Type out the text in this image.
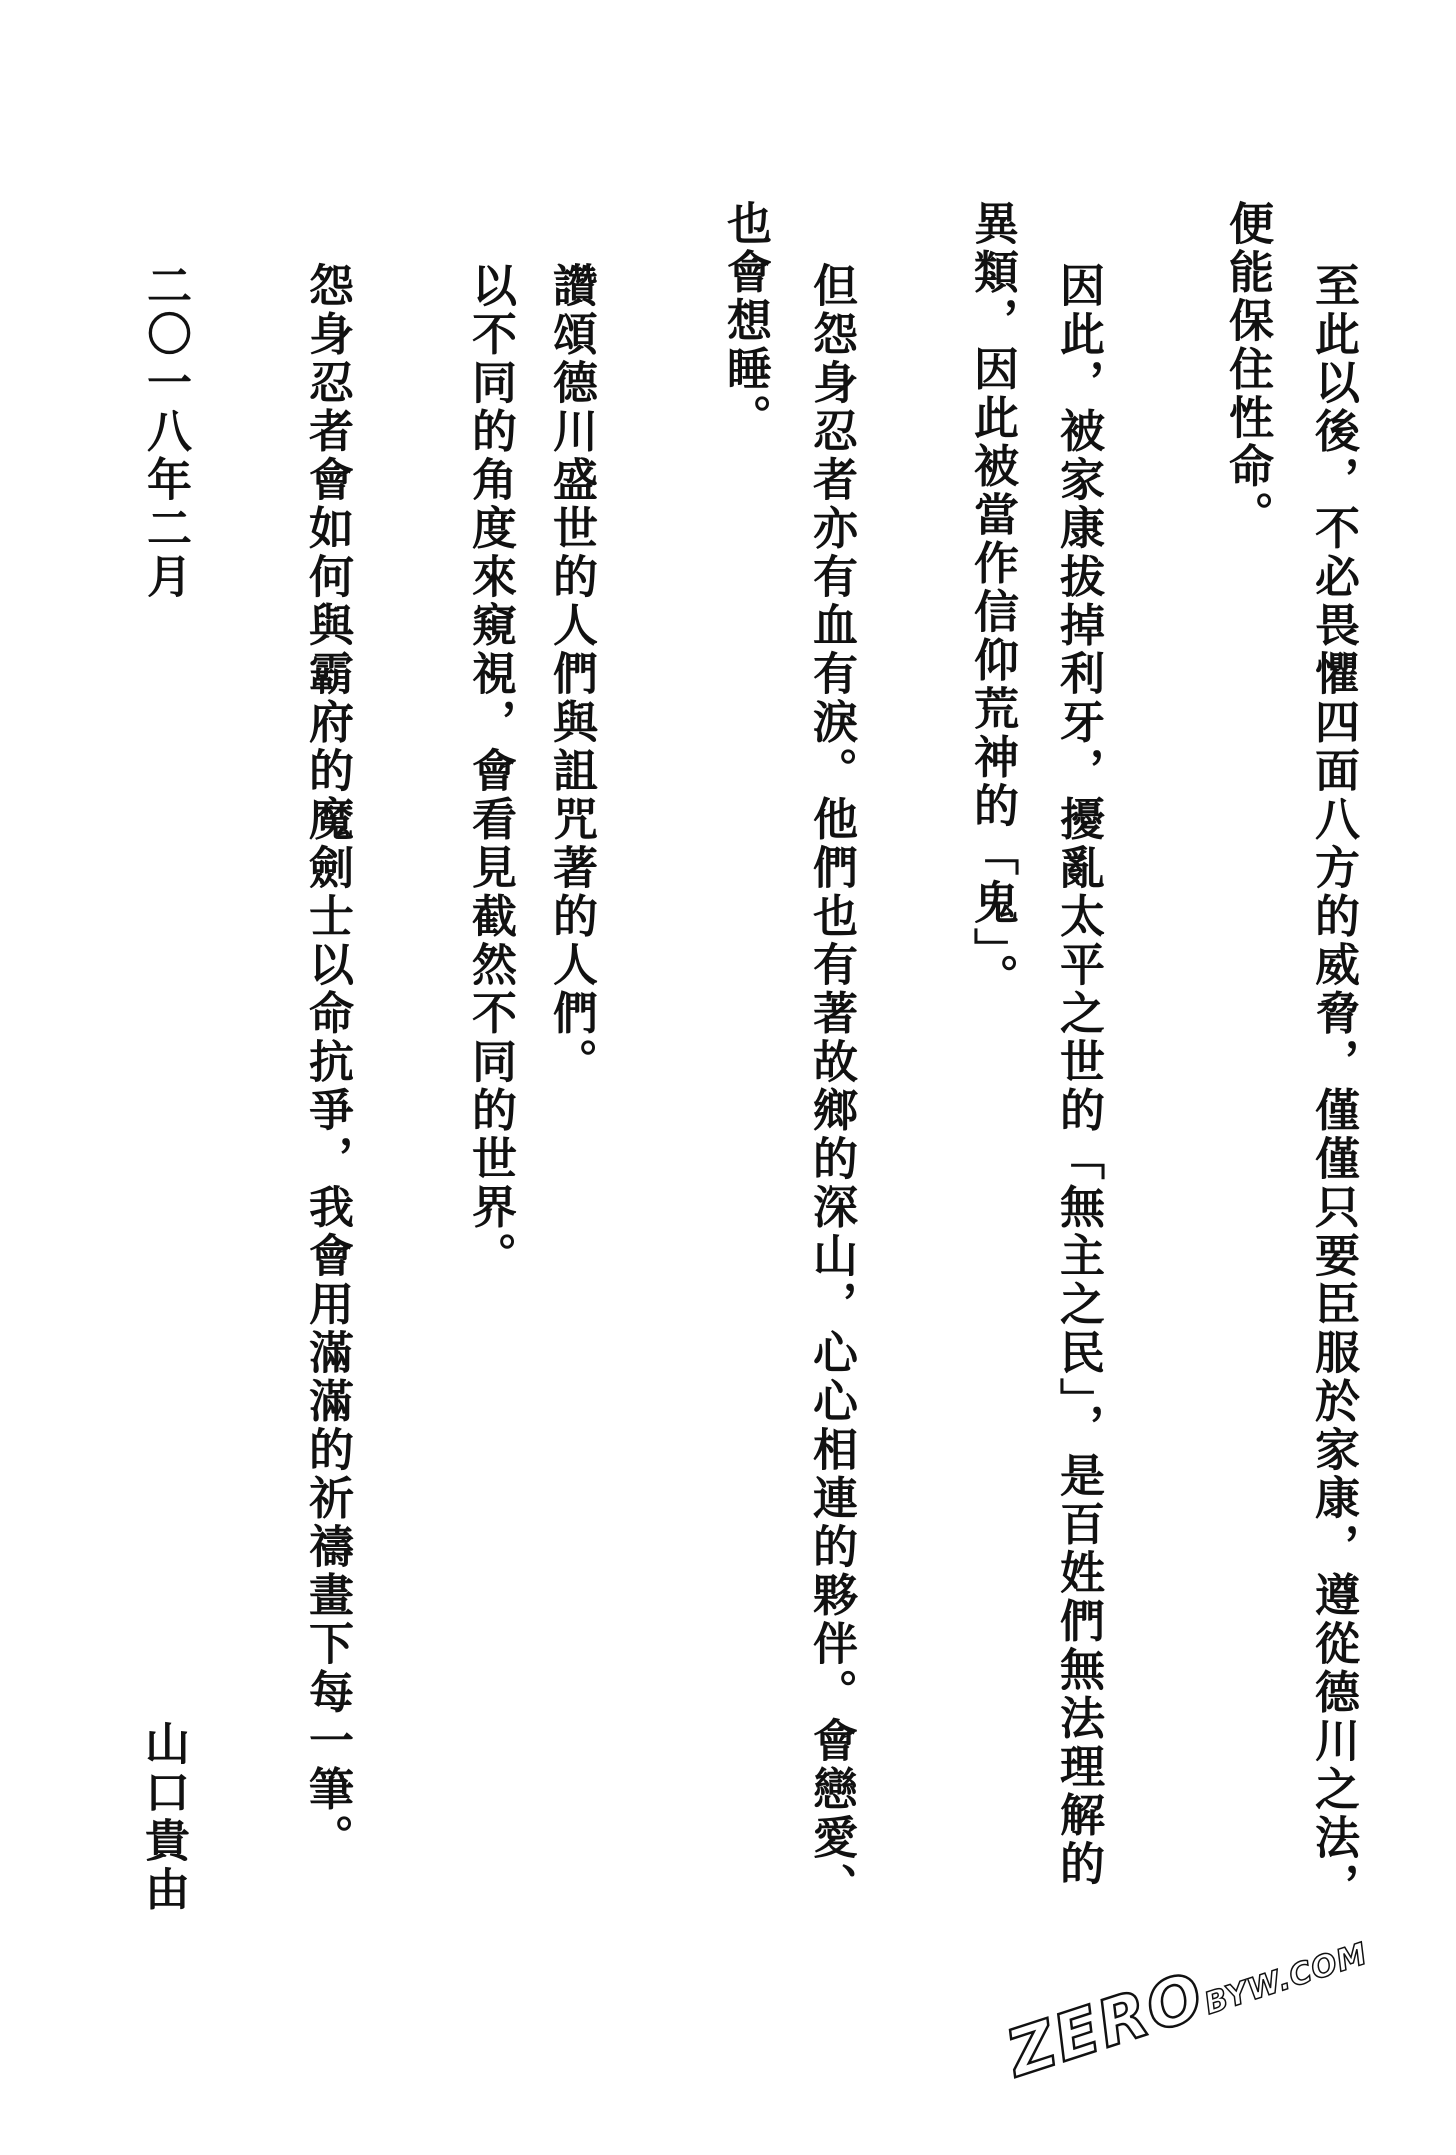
至此以後，不必畏懼四面八方的威脅，僅僅只要臣服於家康，遵從德川之法，
便能保住性命。
因此，被家康拔掉利牙，擾亂太平之世的「無主之民」，是百姓們無法理解的
異類，因此被當作信仰荒神的「鬼」。
但怨身忍者亦有血有淚。他們也有著故鄉的深山，心心相連的夥伴。會戀愛、
也會想睡。
讚頌德川盛世的人們與詛咒著的人們。
以不同的角度來窺視，會看見截然不同的世界。
怨身忍者會如何與霸府的魔劍士以命抗爭，我會用滿滿的祈禱畫下每一筆。
二〇一八年二月
山口貴由
ZEROBYW.COM
